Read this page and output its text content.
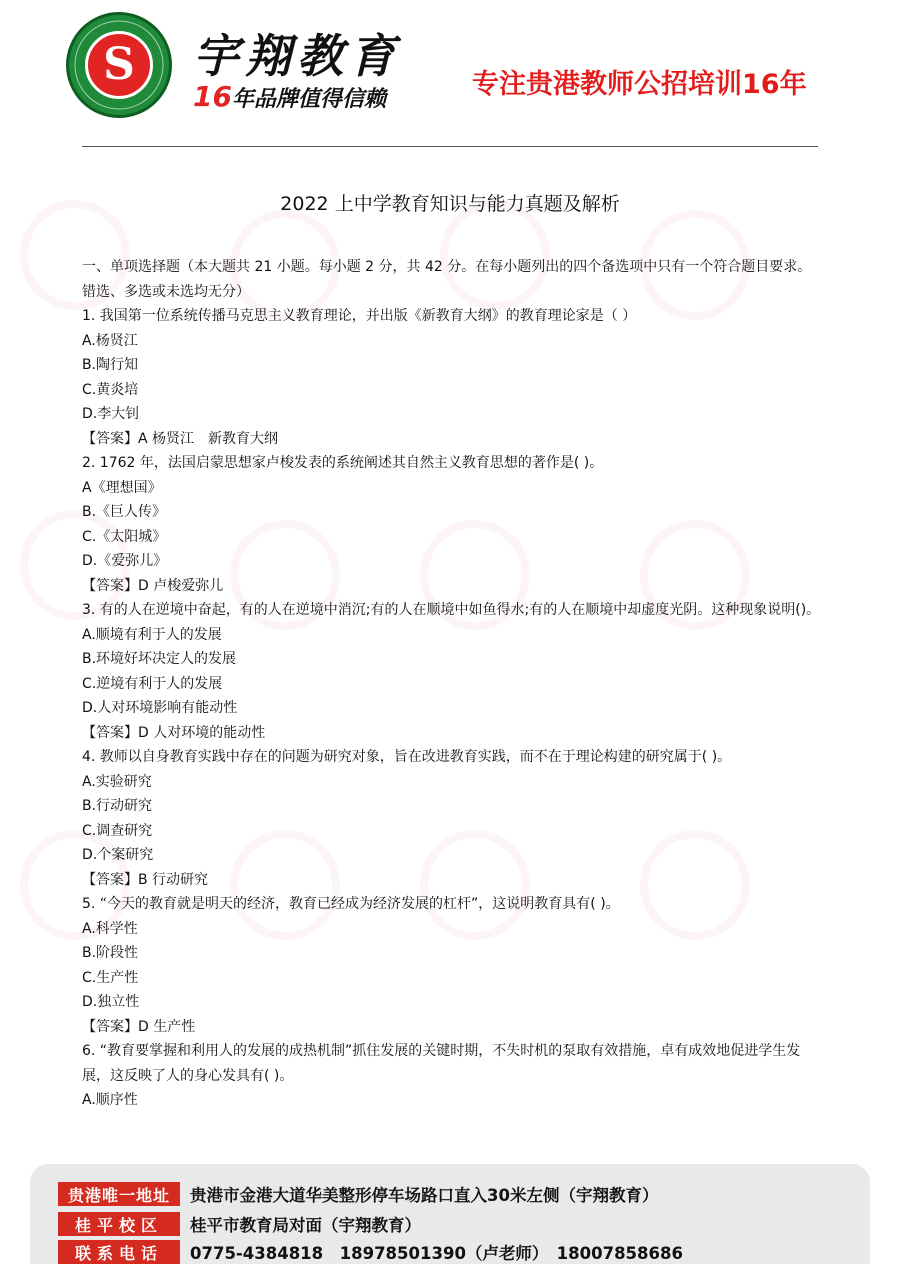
S 宇翔教育
16年品牌值得信赖	专注贵港教师公招培训16年
2022 上中学教育知识与能力真题及解析

一、单项选择题（本大题共 21 小题。每小题 2 分，共 42 分。在每小题列出的四个备选项中只有一个符合题目要求。错选、多选或未选均无分）

1. 我国第一位系统传播马克思主义教育理论，并出版《新教育大纲》的教育理论家是（ ）

A.杨贤江

B.陶行知

C.黄炎培

D.李大钊

【答案】A 杨贤江　新教育大纲

2. 1762 年，法国启蒙思想家卢梭发表的系统阐述其自然主义教育思想的著作是( )。

A《理想国》

B.《巨人传》

C.《太阳城》

D.《爱弥儿》

【答案】D 卢梭爱弥儿

3. 有的人在逆境中奋起，有的人在逆境中消沉;有的人在顺境中如鱼得水;有的人在顺境中却虚度光阴。这种现象说明()。

A.顺境有利于人的发展

B.环境好坏决定人的发展

C.逆境有利于人的发展

D.人对环境影响有能动性

【答案】D 人对环境的能动性

4. 教师以自身教育实践中存在的问题为研究对象，旨在改进教育实践，而不在于理论构建的研究属于( )。

A.实验研究

B.行动研究

C.调查研究

D.个案研究

【答案】B 行动研究

5. “今天的教育就是明天的经济，教育已经成为经济发展的杠杆”，这说明教育具有( )。

A.科学性

B.阶段性

C.生产性

D.独立性

【答案】D 生产性

6. “教育要掌握和利用人的发展的成热机制”抓住发展的关键时期，不失时机的泵取有效措施，卓有成效地促进学生发展，这反映了人的身心发具有( )。

A.顺序性

贵港唯一地址	贵港市金港大道华美整形停车场路口直入30米左侧（宇翔教育）
桂平校区	桂平市教育局对面（宇翔教育）
联系电话	0775-4384818　18978501390（卢老师）　18007858686
